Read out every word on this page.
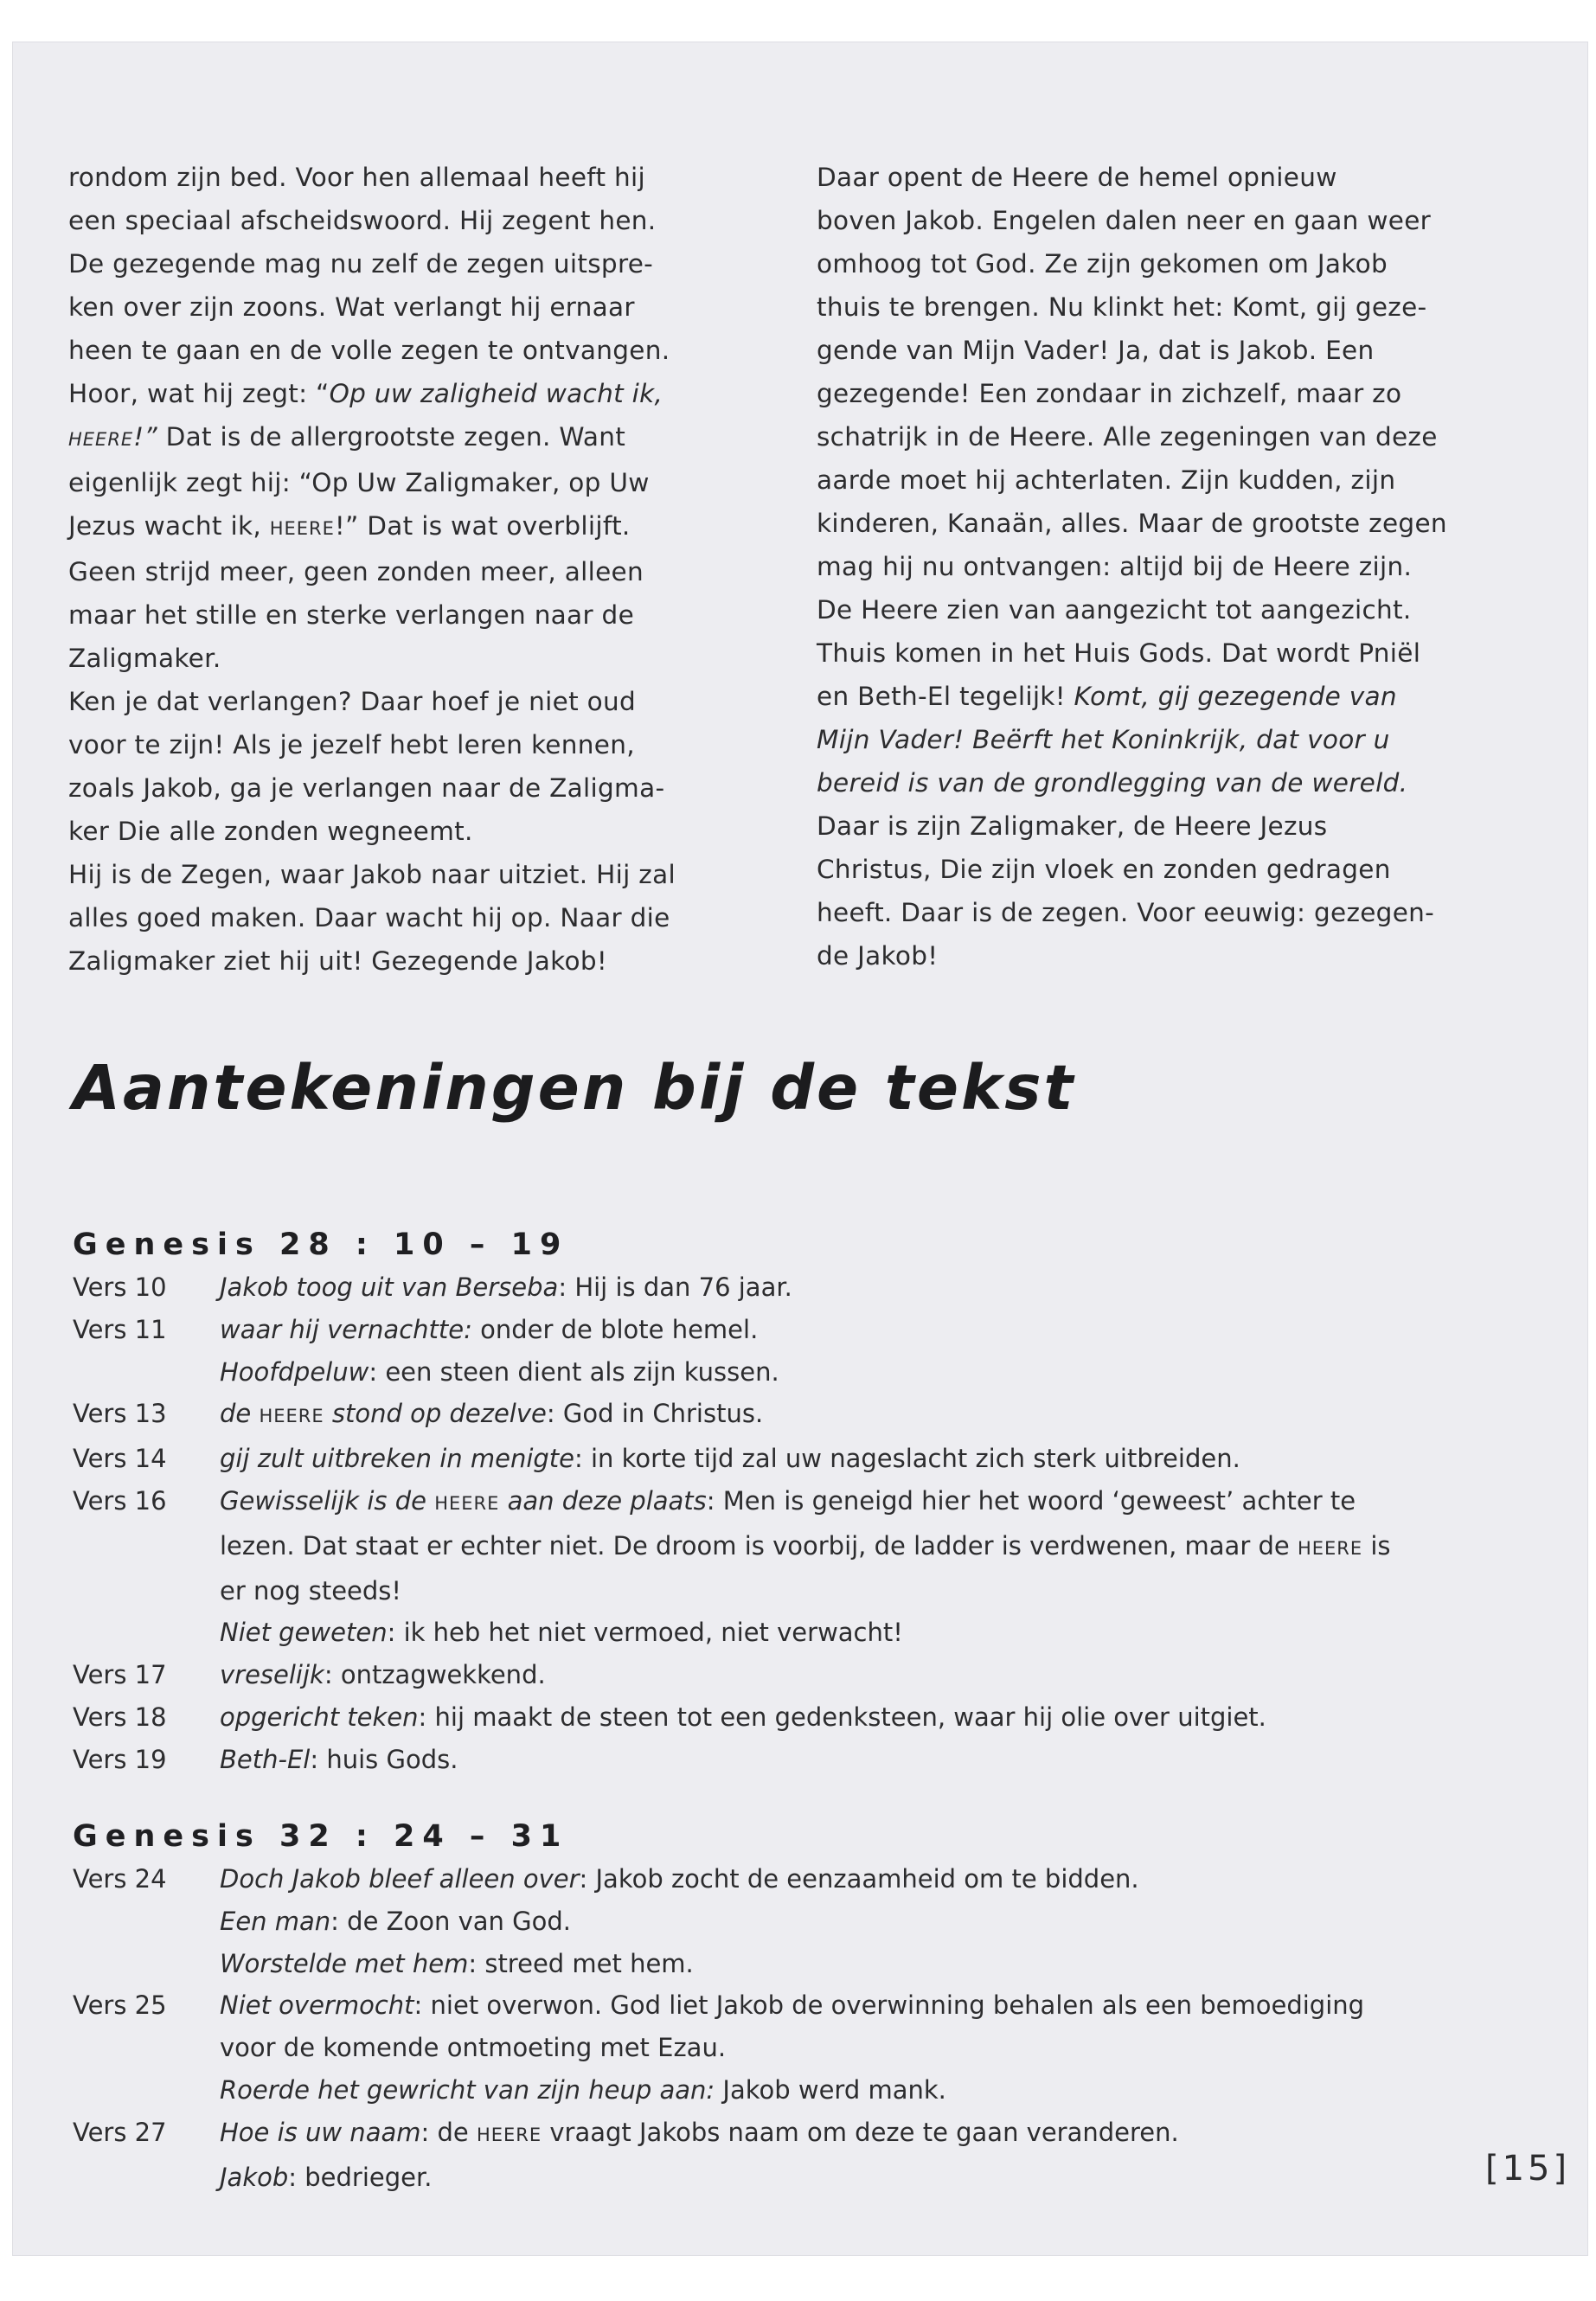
rondom zijn bed. Voor hen allemaal heeft hij
een speciaal afscheidswoord. Hij zegent hen.
De gezegende mag nu zelf de zegen uitspre-
ken over zijn zoons. Wat verlangt hij ernaar
heen te gaan en de volle zegen te ontvangen.
Hoor, wat hij zegt: “Op uw zaligheid wacht ik,
HEERE!” Dat is de allergrootste zegen. Want
eigenlijk zegt hij: “Op Uw Zaligmaker, op Uw
Jezus wacht ik, HEERE!” Dat is wat overblijft.
Geen strijd meer, geen zonden meer, alleen
maar het stille en sterke verlangen naar de
Zaligmaker.
Ken je dat verlangen? Daar hoef je niet oud
voor te zijn! Als je jezelf hebt leren kennen,
zoals Jakob, ga je verlangen naar de Zaligma-
ker Die alle zonden wegneemt.
Hij is de Zegen, waar Jakob naar uitziet. Hij zal
alles goed maken. Daar wacht hij op. Naar die
Zaligmaker ziet hij uit! Gezegende Jakob!
Daar opent de Heere de hemel opnieuw
boven Jakob. Engelen dalen neer en gaan weer
omhoog tot God. Ze zijn gekomen om Jakob
thuis te brengen. Nu klinkt het: Komt, gij geze-
gende van Mijn Vader! Ja, dat is Jakob. Een
gezegende! Een zondaar in zichzelf, maar zo
schatrijk in de Heere. Alle zegeningen van deze
aarde moet hij achterlaten. Zijn kudden, zijn
kinderen, Kanaän, alles. Maar de grootste zegen
mag hij nu ontvangen: altijd bij de Heere zijn.
De Heere zien van aangezicht tot aangezicht.
Thuis komen in het Huis Gods. Dat wordt Pniël
en Beth-El tegelijk! Komt, gij gezegende van
Mijn Vader! Beërft het Koninkrijk, dat voor u
bereid is van de grondlegging van de wereld.
Daar is zijn Zaligmaker, de Heere Jezus
Christus, Die zijn vloek en zonden gedragen
heeft. Daar is de zegen. Voor eeuwig: gezegen-
de Jakob!
Aantekeningen bij de tekst
Genesis 28 : 10 – 19
Vers 10	Jakob toog uit van Berseba: Hij is dan 76 jaar.
Vers 11	waar hij vernachtte: onder de blote hemel.
Hoofdpeluw: een steen dient als zijn kussen.
Vers 13	de HEERE stond op dezelve: God in Christus.
Vers 14	gij zult uitbreken in menigte: in korte tijd zal uw nageslacht zich sterk uitbreiden.
Vers 16	Gewisselijk is de HEERE aan deze plaats: Men is geneigd hier het woord ‘geweest’ achter te
lezen. Dat staat er echter niet. De droom is voorbij, de ladder is verdwenen, maar de HEERE is
er nog steeds!
Niet geweten: ik heb het niet vermoed, niet verwacht!
Vers 17	vreselijk: ontzagwekkend.
Vers 18	opgericht teken: hij maakt de steen tot een gedenksteen, waar hij olie over uitgiet.
Vers 19	Beth-El: huis Gods.
Genesis 32 : 24 – 31
Vers 24	Doch Jakob bleef alleen over: Jakob zocht de eenzaamheid om te bidden.
Een man: de Zoon van God.
Worstelde met hem: streed met hem.
Vers 25	Niet overmocht: niet overwon. God liet Jakob de overwinning behalen als een bemoediging
voor de komende ontmoeting met Ezau.
Roerde het gewricht van zijn heup aan: Jakob werd mank.
Vers 27	Hoe is uw naam: de HEERE vraagt Jakobs naam om deze te gaan veranderen.
Jakob: bedrieger.	[15]
